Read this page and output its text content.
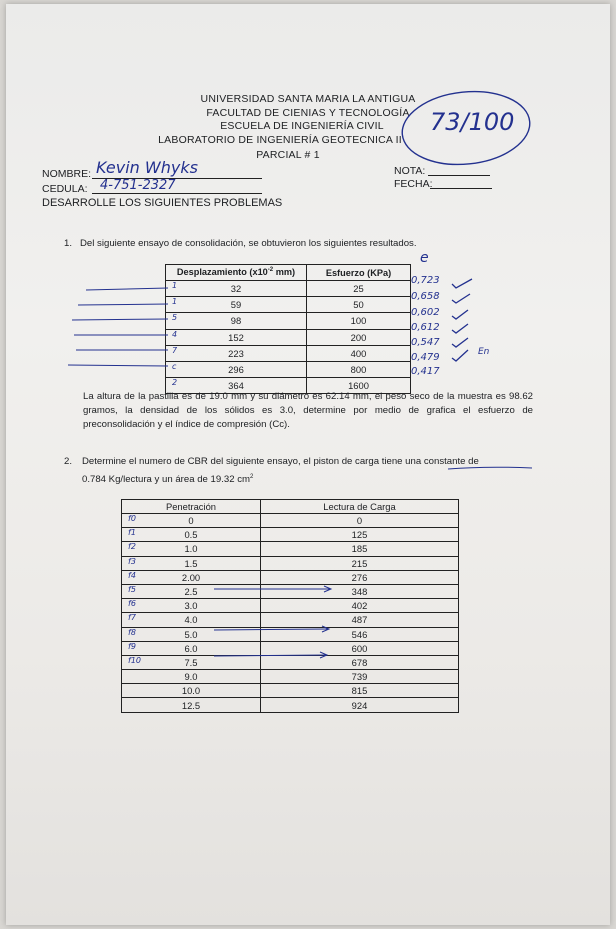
UNIVERSIDAD SANTA MARIA LA ANTIGUA
FACULTAD DE CIENIAS Y TECNOLOGÍA
ESCUELA DE INGENIERÍA CIVIL
LABORATORIO DE INGENIERÍA GEOTECNICA II
PARCIAL # 1
73/100
NOMBRE: Kevin Whyks
CEDULA: 4-751-2327
NOTA:
FECHA:
DESARROLLE LOS SIGUIENTES PROBLEMAS
1. Del siguiente ensayo de consolidación, se obtuvieron los siguientes resultados.
Desplazamiento ($x10^{-2}$ mm)	Esfuerzo (KPa)

1 32	25

1 59	50

5 98	100

4 152	200

7 223	400

c 296	800

2 364	1600
e
0,723
0,658
0,602
0,612
0,547
0,479
0,417
En
La altura de la pastilla es de 19.0 mm y su diámetro es 62.14 mm, el peso seco de la muestra es 98.62 gramos, la densidad de los sólidos es 3.0, determine por medio de grafica el esfuerzo de preconsolidación y el índice de compresión (Cc).
2. Determine el numero de CBR del siguiente ensayo, el piston de carga tiene una constante de
0.784 Kg/lectura y un área de 19.32 $cm^2$
Penetración	Lectura de Carga

f0 0	0

f1 0.5	125

f2 1.0	185

f3 1.5	215

f4 2.00	276

f5 2.5	348

f6 3.0	402

f7 4.0	487

f8 5.0	546

f9 6.0	600

f10 7.5	678
9.0	739
10.0	815
12.5	924
